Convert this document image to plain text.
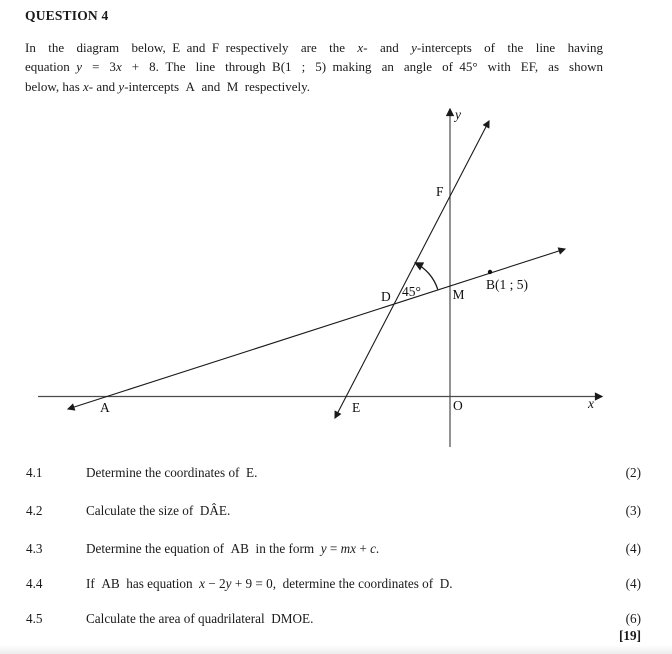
QUESTION 4
In the diagram below, E and F respectively are the x- and y-intercepts of the line having
equation y = 3x + 8. The line through B(1 ; 5) making an angle of 45° with EF, as shown
below, has x- and y-intercepts A and M respectively.
y
x
O
F
D 45° M
B(1 ; 5)
E
A
4.1	Determine the coordinates of E.	(2)
4.2	Calculate the size of DÂE.	(3)
4.3	Determine the equation of AB in the form y = mx + c.	(4)
4.4	If AB has equation x − 2y + 9 = 0, determine the coordinates of D.	(4)
4.5	Calculate the area of quadrilateral DMOE.	(6)
[19]
